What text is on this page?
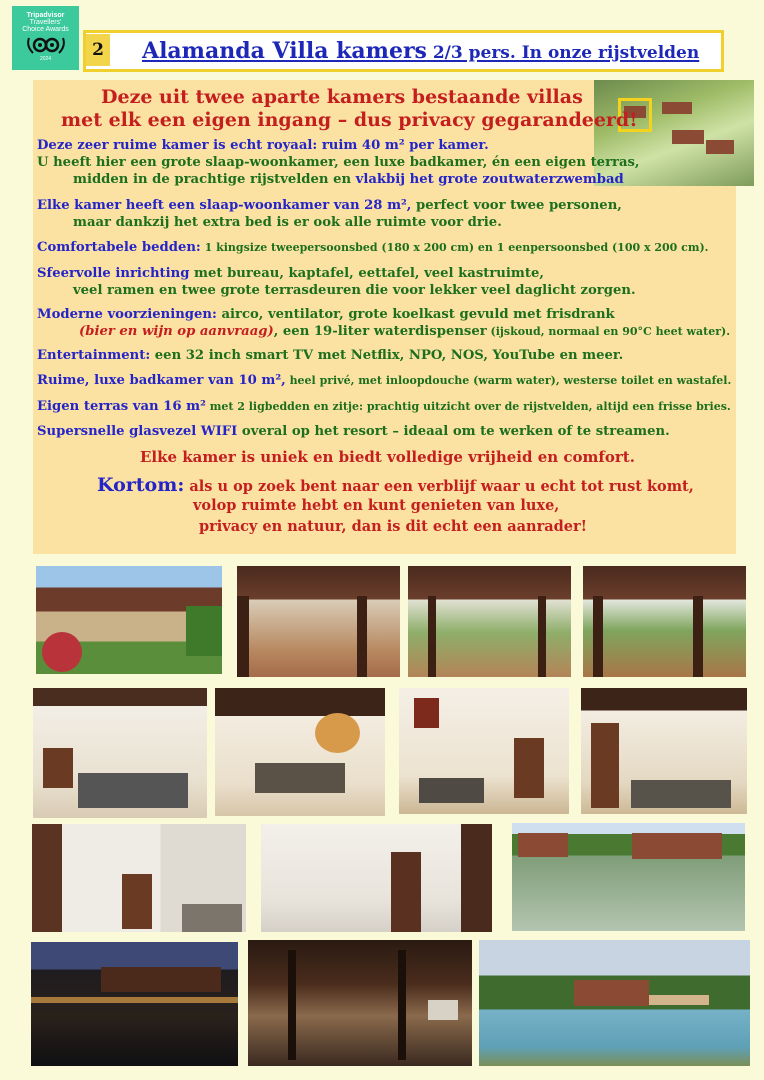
Tripadvisor
Travellers'
Choice Awards
2024	2 Alamanda Villa kamers 2/3 pers. In onze rijstvelden
Deze uit twee aparte kamers bestaande villas
met elk een eigen ingang – dus privacy gegarandeerd!
Deze zeer ruime kamer is echt royaal: ruim 40 m² per kamer.
U heeft hier een grote slaap-woonkamer, een luxe badkamer, én een eigen terras,
midden in de prachtige rijstvelden en vlakbij het grote zoutwaterzwembad
Elke kamer heeft een slaap-woonkamer van 28 m², perfect voor twee personen,
maar dankzij het extra bed is er ook alle ruimte voor drie.
Comfortabele bedden: 1 kingsize tweepersoonsbed (180 x 200 cm) en 1 eenpersoonsbed (100 x 200 cm).
Sfeervolle inrichting met bureau, kaptafel, eettafel, veel kastruimte,
veel ramen en twee grote terrasdeuren die voor lekker veel daglicht zorgen.
Moderne voorzieningen: airco, ventilator, grote koelkast gevuld met frisdrank
(bier en wijn op aanvraag), een 19-liter waterdispenser (ijskoud, normaal en 90°C heet water).
Entertainment: een 32 inch smart TV met Netflix, NPO, NOS, YouTube en meer.
Ruime, luxe badkamer van 10 m², heel privé, met inloopdouche (warm water), westerse toilet en wastafel.
Eigen terras van 16 m² met 2 ligbedden en zitje: prachtig uitzicht over de rijstvelden, altijd een frisse bries.
Supersnelle glasvezel WIFI overal op het resort – ideaal om te werken of te streamen.
Elke kamer is uniek en biedt volledige vrijheid en comfort.
Kortom: als u op zoek bent naar een verblijf waar u echt tot rust komt,
volop ruimte hebt en kunt genieten van luxe,
privacy en natuur, dan is dit echt een aanrader!
